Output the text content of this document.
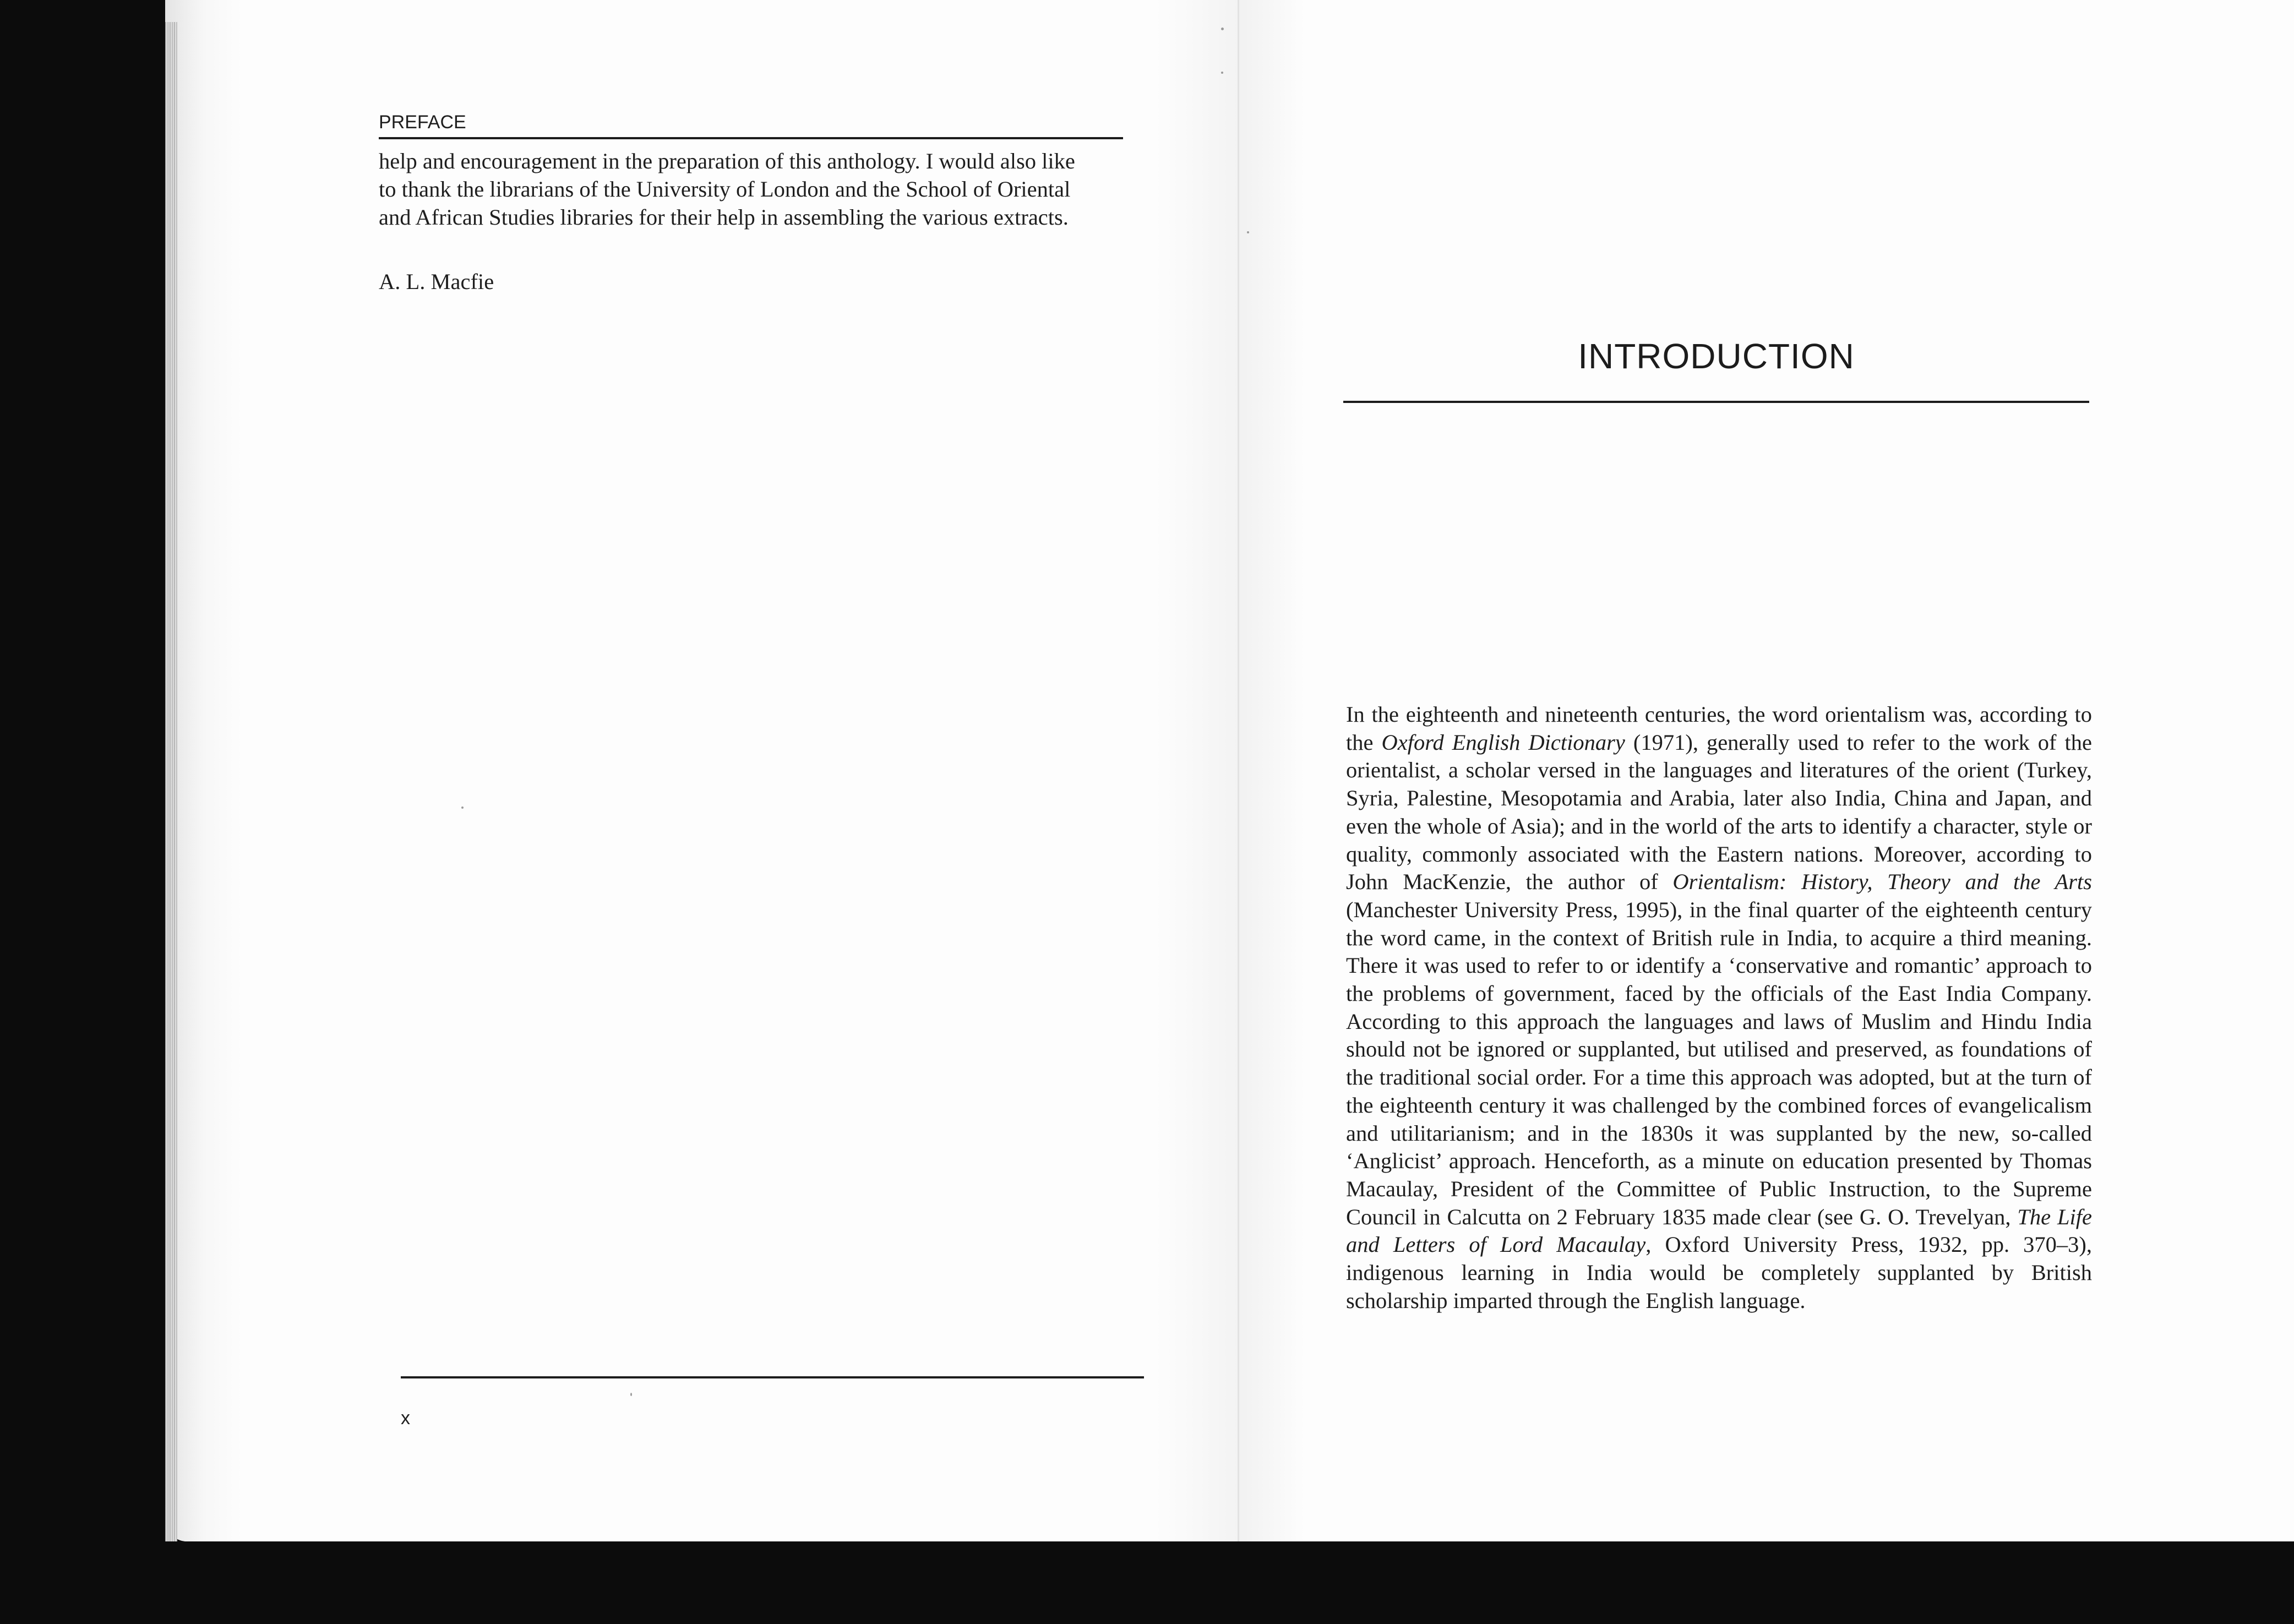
PREFACE
help and encouragement in the preparation of this anthology. I would also like
to thank the librarians of the University of London and the School of Oriental
and African Studies libraries for their help in assembling the various extracts.
A. L. Macfie
x
INTRODUCTION

In the eighteenth and nineteenth centuries, the word orientalism was, according to the Oxford English Dictionary (1971), generally used to refer to the work of the orientalist, a scholar versed in the languages and literatures of the orient (Turkey, Syria, Palestine, Mesopotamia and Arabia, later also India, China and Japan, and even the whole of Asia); and in the world of the arts to identify a character, style or quality, commonly associated with the Eastern nations. Moreover, according to John MacKenzie, the author of Orientalism: History, Theory and the Arts (Manchester University Press, 1995), in the final quarter of the eighteenth century the word came, in the context of British rule in India, to acquire a third meaning. There it was used to refer to or identify a ‘conservative and romantic’ approach to the problems of government, faced by the officials of the East India Company. According to this approach the languages and laws of Muslim and Hindu India should not be ignored or supplanted, but utilised and preserved, as foundations of the traditional social order. For a time this approach was adopted, but at the turn of the eighteenth century it was challenged by the combined forces of evangelicalism and utilitarianism; and in the 1830s it was supplanted by the new, so-called ‘Anglicist’ approach. Henceforth, as a minute on education presented by Thomas Macaulay, President of the Committee of Public Instruction, to the Supreme Council in Calcutta on 2 February 1835 made clear (see G. O. Trevelyan, The Life and Letters of Lord Macaulay, Oxford University Press, 1932, pp. 370–3), indigenous learning in India would be completely supplanted by British scholarship imparted through the English language.
